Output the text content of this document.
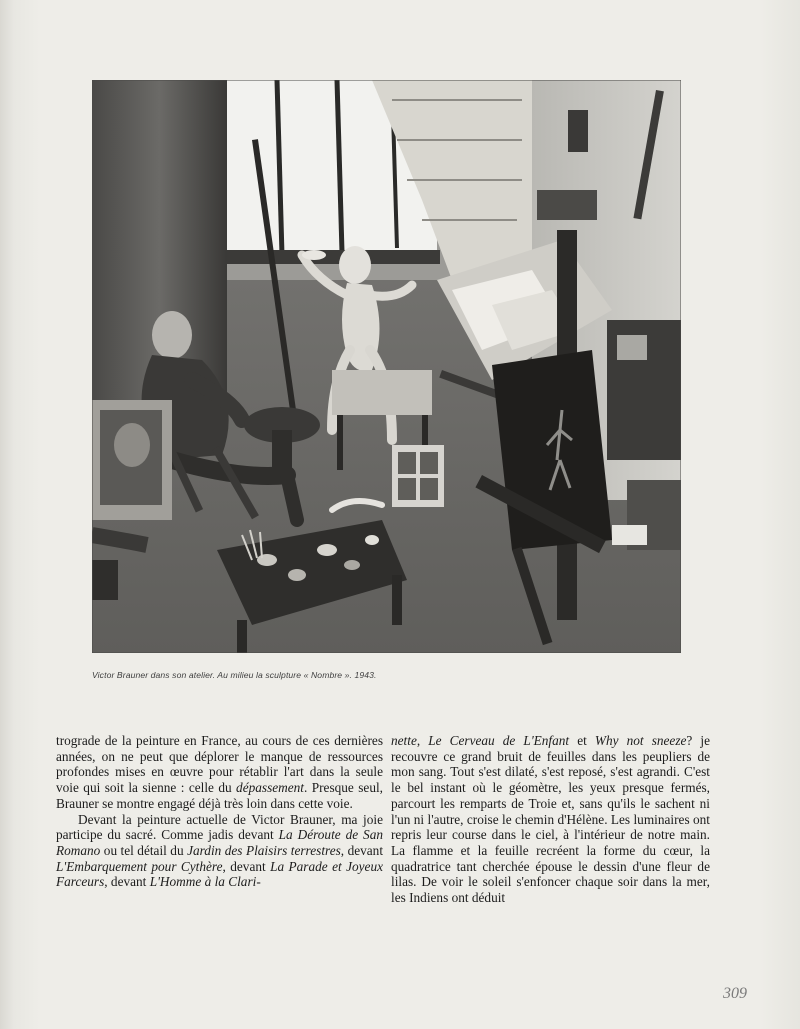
Victor Brauner dans son atelier. Au milieu la sculpture « Nombre ». 1943.

trograde de la peinture en France, au cours de ces dernières années, on ne peut que déplorer le manque de ressources profondes mises en œuvre pour rétablir l'art dans la seule voie qui soit la sienne : celle du dépassement. Presque seul, Brauner se montre engagé déjà très loin dans cette voie.

Devant la peinture actuelle de Victor Brauner, ma joie participe du sacré. Comme jadis devant La Déroute de San Romano ou tel détail du Jardin des Plaisirs terrestres, devant L'Embarquement pour Cythère, devant La Parade et Joyeux Farceurs, devant L'Homme à la Clari-

nette, Le Cerveau de L'Enfant et Why not sneeze? je recouvre ce grand bruit de feuilles dans les peupliers de mon sang. Tout s'est dilaté, s'est reposé, s'est agrandi. C'est le bel instant où le géomètre, les yeux presque fermés, parcourt les remparts de Troie et, sans qu'ils le sachent ni l'un ni l'autre, croise le chemin d'Hélène. Les luminaires ont repris leur course dans le ciel, à l'intérieur de notre main. La flamme et la feuille recréent la forme du cœur, la quadratrice tant cherchée épouse le dessin d'une fleur de lilas. De voir le soleil s'enfoncer chaque soir dans la mer, les Indiens ont déduit

309
